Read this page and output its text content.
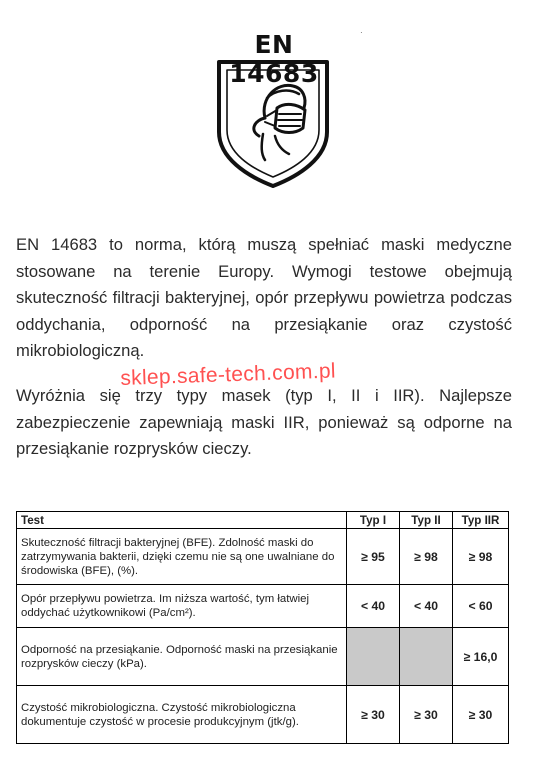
EN 14683
·

EN 14683 to norma, którą muszą spełniać maski medyczne stosowane na terenie Europy. Wymogi testowe obejmują skuteczność filtracji bakteryjnej, opór przepływu powietrza podczas oddychania, odporność na przesiąkanie oraz czystość mikrobiologiczną.

Wyróżnia się trzy typy masek (typ I, II i IIR). Najlepsze zabezpieczenie zapewniają maski IIR, ponieważ są odporne na przesiąkanie rozprysków cieczy.

sklep.safe-tech.com.pl
Test	Typ I	Typ II	Typ IIR
Skuteczność filtracji bakteryjnej (BFE). Zdolność maski do zatrzymywania bakterii, dzięki czemu nie są one uwalniane do środowiska (BFE), (%).	≥ 95	≥ 98	≥ 98
Opór przepływu powietrza. Im niższa wartość, tym łatwiej oddychać użytkownikowi (Pa/cm²).	< 40	< 40	< 60
Odporność na przesiąkanie. Odporność maski na przesiąkanie rozprysków cieczy (kPa).			≥ 16,0
Czystość mikrobiologiczna. Czystość mikrobiologiczna dokumentuje czystość w procesie produkcyjnym (jtk/g).	≥ 30	≥ 30	≥ 30
